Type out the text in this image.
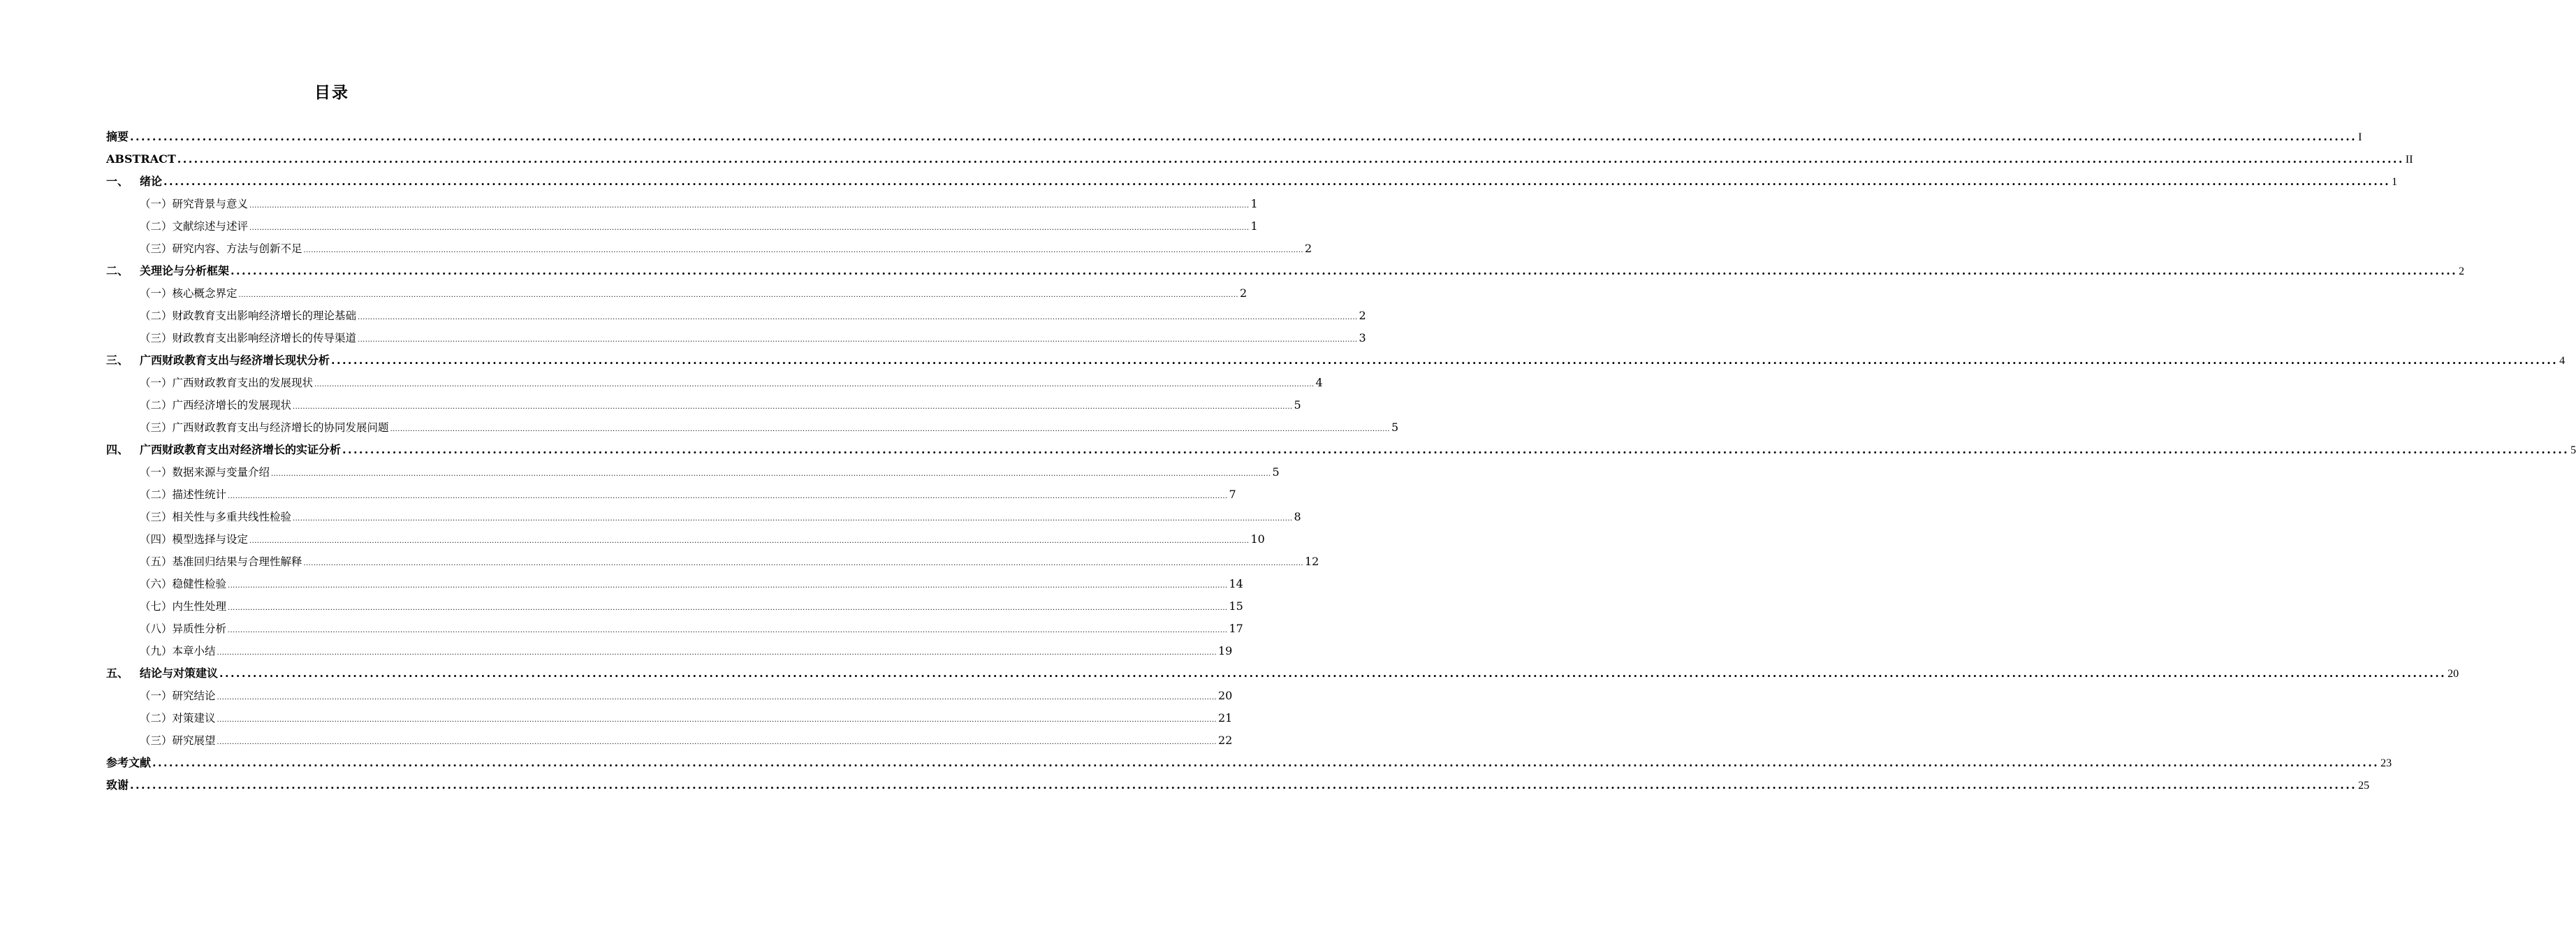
目录
摘要 ................................................................................................................................................................................................................................................................................................................................................................................................................ I
ABSTRACT ................................................................................................................................................................................................................................................................................................................................................................................................................ II
一、 绪论 ................................................................................................................................................................................................................................................................................................................................................................................................................ 1
（一）研究背景与意义 ................................................................................................................................................................................................................................................................................................................................................................................................................ 1
（二）文献综述与述评 ................................................................................................................................................................................................................................................................................................................................................................................................................ 1
（三）研究内容、方法与创新不足 ................................................................................................................................................................................................................................................................................................................................................................................................................ 2
二、 关理论与分析框架 ................................................................................................................................................................................................................................................................................................................................................................................................................ 2
（一）核心概念界定 ................................................................................................................................................................................................................................................................................................................................................................................................................ 2
（二）财政教育支出影响经济增长的理论基础 ................................................................................................................................................................................................................................................................................................................................................................................................................ 2
（三）财政教育支出影响经济增长的传导渠道 ................................................................................................................................................................................................................................................................................................................................................................................................................ 3
三、 广西财政教育支出与经济增长现状分析 ................................................................................................................................................................................................................................................................................................................................................................................................................ 4
（一）广西财政教育支出的发展现状 ................................................................................................................................................................................................................................................................................................................................................................................................................ 4
（二）广西经济增长的发展现状 ................................................................................................................................................................................................................................................................................................................................................................................................................ 5
（三）广西财政教育支出与经济增长的协同发展问题 ................................................................................................................................................................................................................................................................................................................................................................................................................ 5
四、 广西财政教育支出对经济增长的实证分析 ................................................................................................................................................................................................................................................................................................................................................................................................................ 5
（一）数据来源与变量介绍 ................................................................................................................................................................................................................................................................................................................................................................................................................ 5
（二）描述性统计 ................................................................................................................................................................................................................................................................................................................................................................................................................ 7
（三）相关性与多重共线性检验 ................................................................................................................................................................................................................................................................................................................................................................................................................ 8
（四）模型选择与设定 ................................................................................................................................................................................................................................................................................................................................................................................................................ 10
（五）基准回归结果与合理性解释 ................................................................................................................................................................................................................................................................................................................................................................................................................ 12
（六）稳健性检验 ................................................................................................................................................................................................................................................................................................................................................................................................................ 14
（七）内生性处理 ................................................................................................................................................................................................................................................................................................................................................................................................................ 15
（八）异质性分析 ................................................................................................................................................................................................................................................................................................................................................................................................................ 17
（九）本章小结 ................................................................................................................................................................................................................................................................................................................................................................................................................ 19
五、 结论与对策建议 ................................................................................................................................................................................................................................................................................................................................................................................................................ 20
（一）研究结论 ................................................................................................................................................................................................................................................................................................................................................................................................................ 20
（二）对策建议 ................................................................................................................................................................................................................................................................................................................................................................................................................ 21
（三）研究展望 ................................................................................................................................................................................................................................................................................................................................................................................................................ 22
参考文献 ................................................................................................................................................................................................................................................................................................................................................................................................................ 23
致谢 ................................................................................................................................................................................................................................................................................................................................................................................................................ 25
